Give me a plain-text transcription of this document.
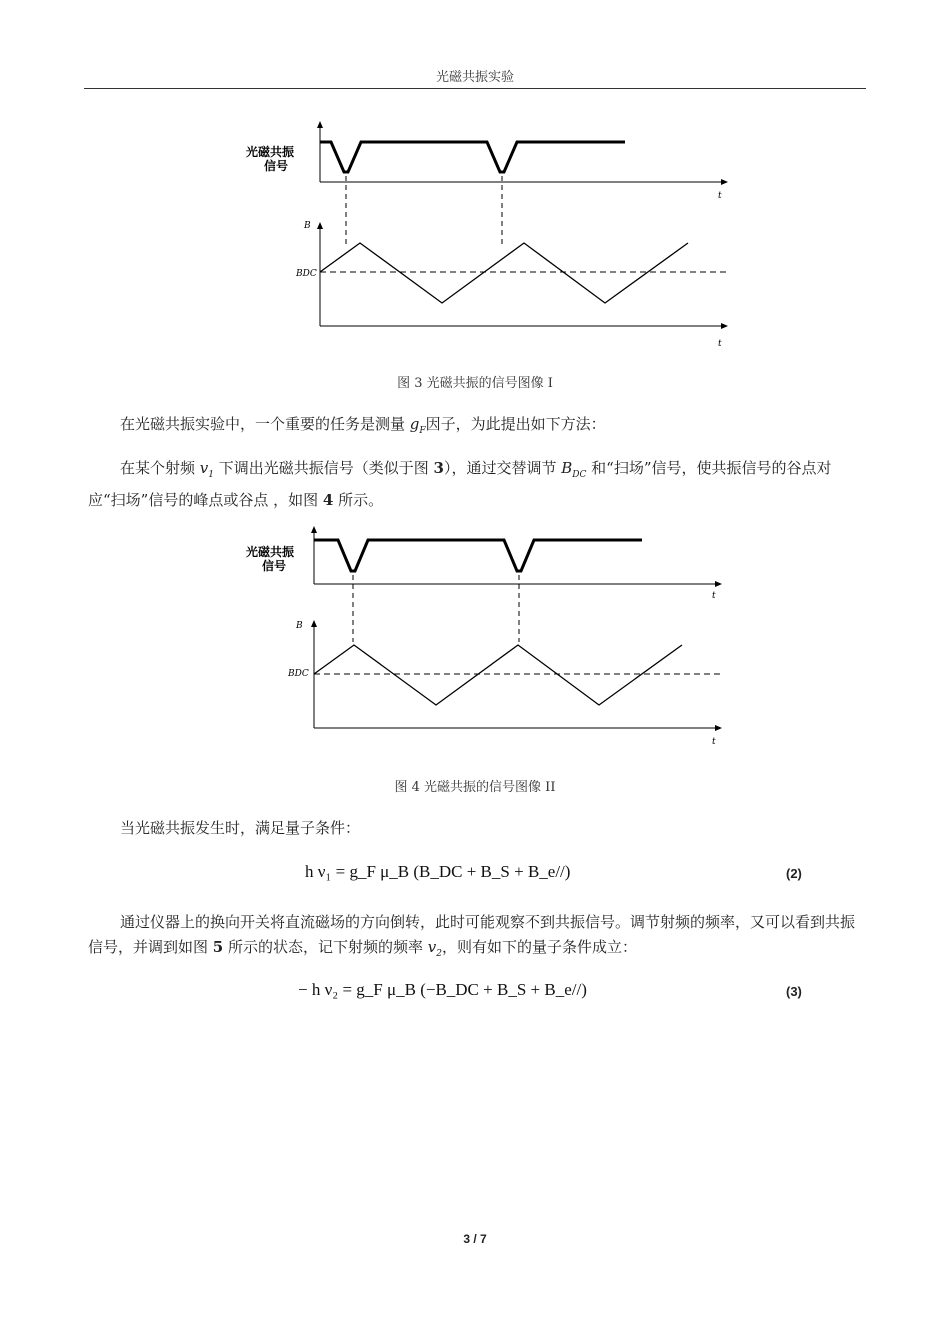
光磁共振实验
光磁共振
信号
t
B
BDC
t
图 3 光磁共振的信号图像 I
在光磁共振实验中，一个重要的任务是测量 $g_F$因子，为此提出如下方法：
在某个射频 $v_1$ 下调出光磁共振信号（类似于图 3），通过交替调节 $B_{DC}$ 和“扫场”信号，使共振信号的谷点对应“扫场”信号的峰点或谷点 ，如图 4 所示。
光磁共振
信号
t
B
BDC
t
图 4 光磁共振的信号图像 II
当光磁共振发生时，满足量子条件：
h ν₁ = g_F μ_B (B_DC + B_S + B_e//)	(2)
通过仪器上的换向开关将直流磁场的方向倒转，此时可能观察不到共振信号。调节射频的频率，又可以看到共振信号，并调到如图 5 所示的状态，记下射频的频率 $v_2$，则有如下的量子条件成立：
− h ν₂ = g_F μ_B (−B_DC + B_S + B_e//)	(3)
3 / 7
